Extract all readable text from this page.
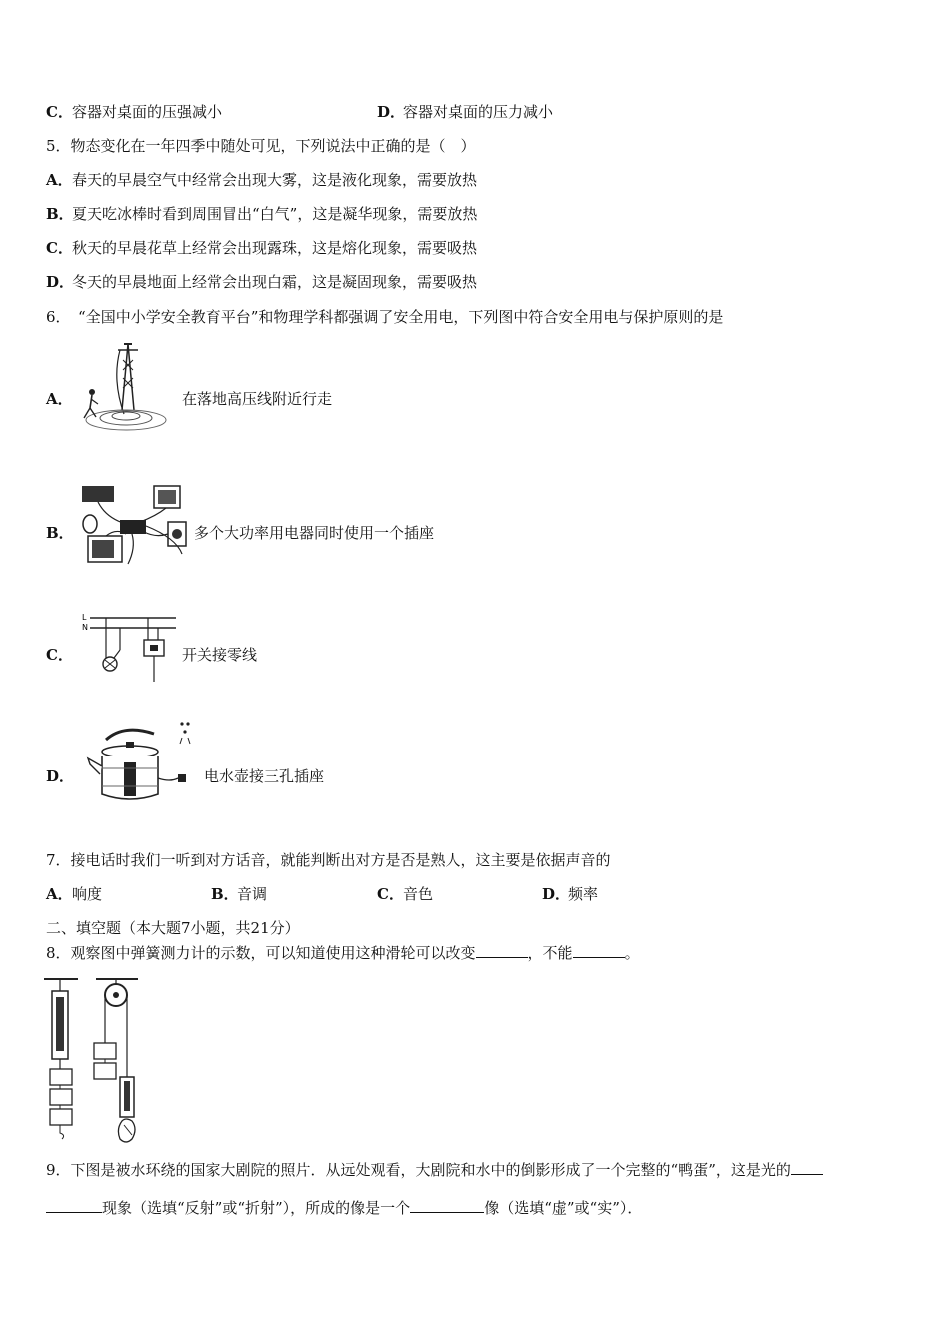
C．容器对桌面的压强减小	D．容器对桌面的压力减小
5．物态变化在一年四季中随处可见，下列说法中正确的是（　）
A．春天的早晨空气中经常会出现大雾，这是液化现象，需要放热
B．夏天吃冰棒时看到周围冒出“白气”，这是凝华现象，需要放热
C．秋天的早晨花草上经常会出现露珠，这是熔化现象，需要吸热
D．冬天的早晨地面上经常会出现白霜，这是凝固现象，需要吸热
6．　“全国中小学安全教育平台”和物理学科都强调了安全用电，下列图中符合安全用电与保护原则的是
A．	在落地高压线附近行走
B．	多个大功率用电器同时使用一个插座
C．
L
N
开关接零线
D．	电水壶接三孔插座
7．接电话时我们一听到对方话音，就能判断出对方是否是熟人，这主要是依据声音的
A．响度	B．音调	C．音色	D．频率
二、填空题（本大题7小题，共21分）
8．观察图中弹簧测力计的示数，可以知道使用这种滑轮可以改变	，不能	。
9．下图是被水环绕的国家大剧院的照片．从远处观看，大剧院和水中的倒影形成了一个完整的“鸭蛋”，这是光的
现象（选填“反射”或“折射”），所成的像是一个	像（选填“虚”或“实”）．
